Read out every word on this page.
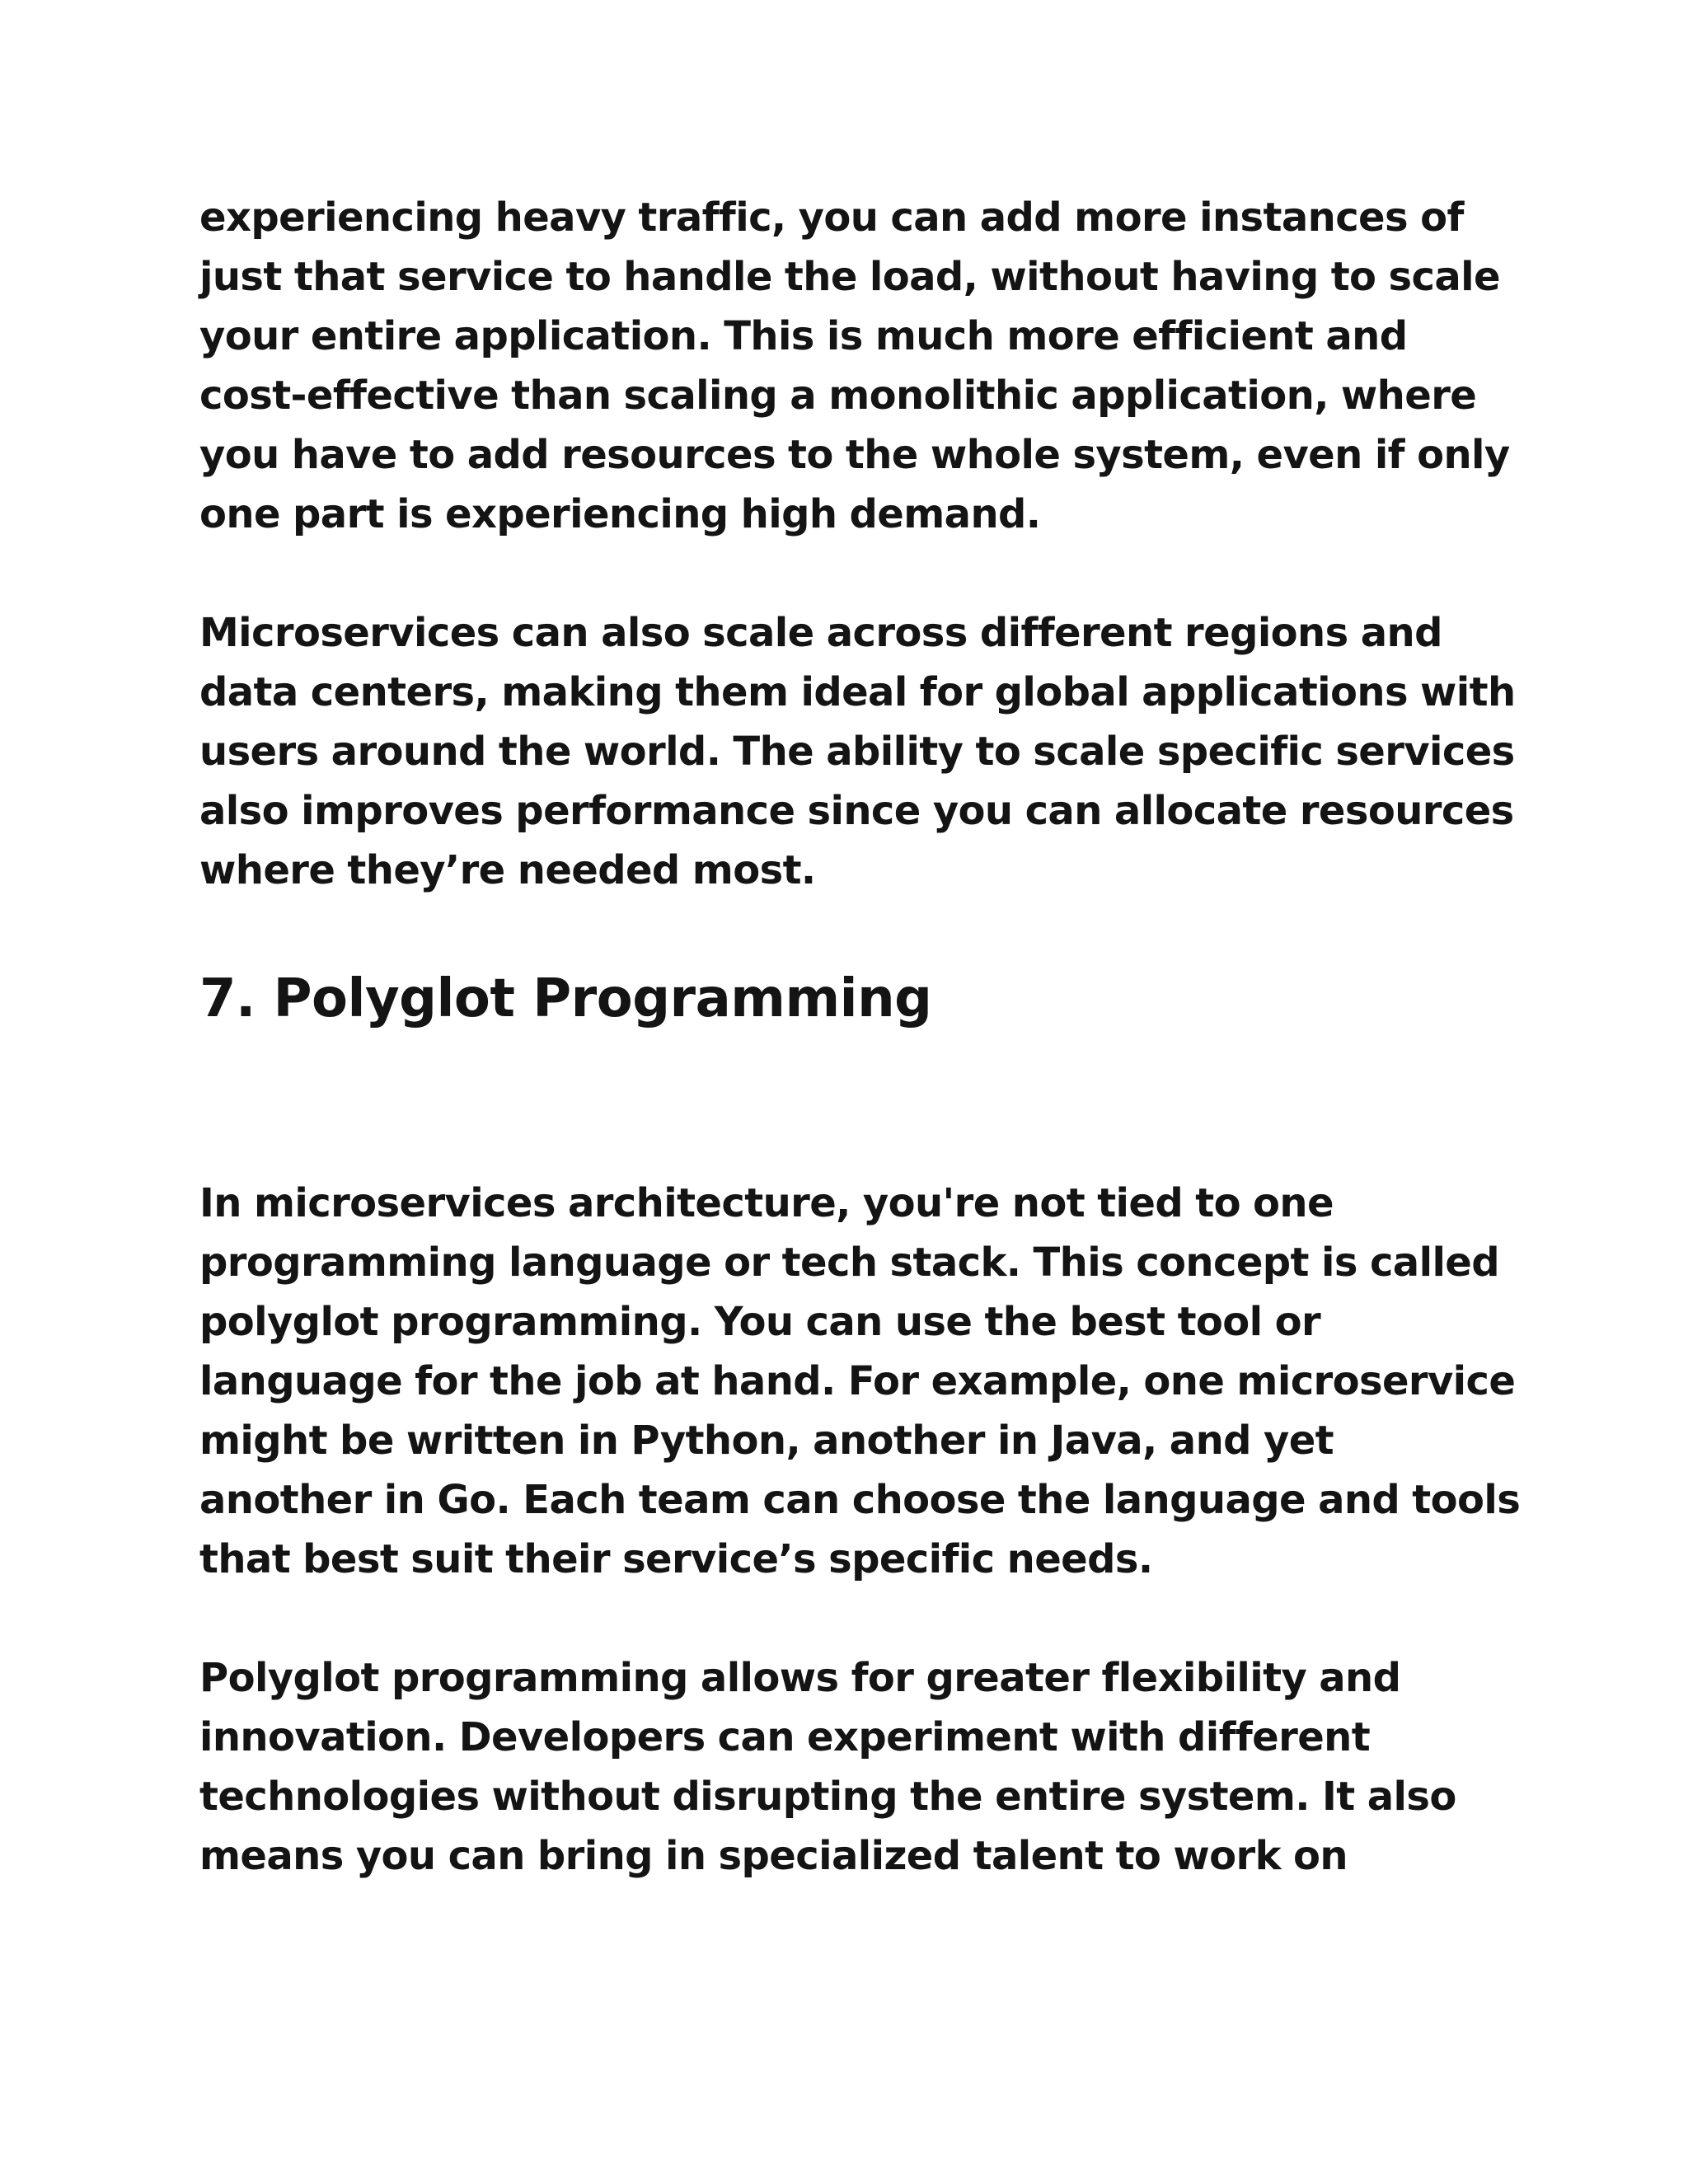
experiencing heavy traffic, you can add more instances of
just that service to handle the load, without having to scale
your entire application. This is much more efficient and
cost-effective than scaling a monolithic application, where
you have to add resources to the whole system, even if only
one part is experiencing high demand.

Microservices can also scale across different regions and
data centers, making them ideal for global applications with
users around the world. The ability to scale specific services
also improves performance since you can allocate resources
where they’re needed most.

7. Polyglot Programming

In microservices architecture, you're not tied to one
programming language or tech stack. This concept is called
polyglot programming. You can use the best tool or
language for the job at hand. For example, one microservice
might be written in Python, another in Java, and yet
another in Go. Each team can choose the language and tools
that best suit their service’s specific needs.

Polyglot programming allows for greater flexibility and
innovation. Developers can experiment with different
technologies without disrupting the entire system. It also
means you can bring in specialized talent to work on
